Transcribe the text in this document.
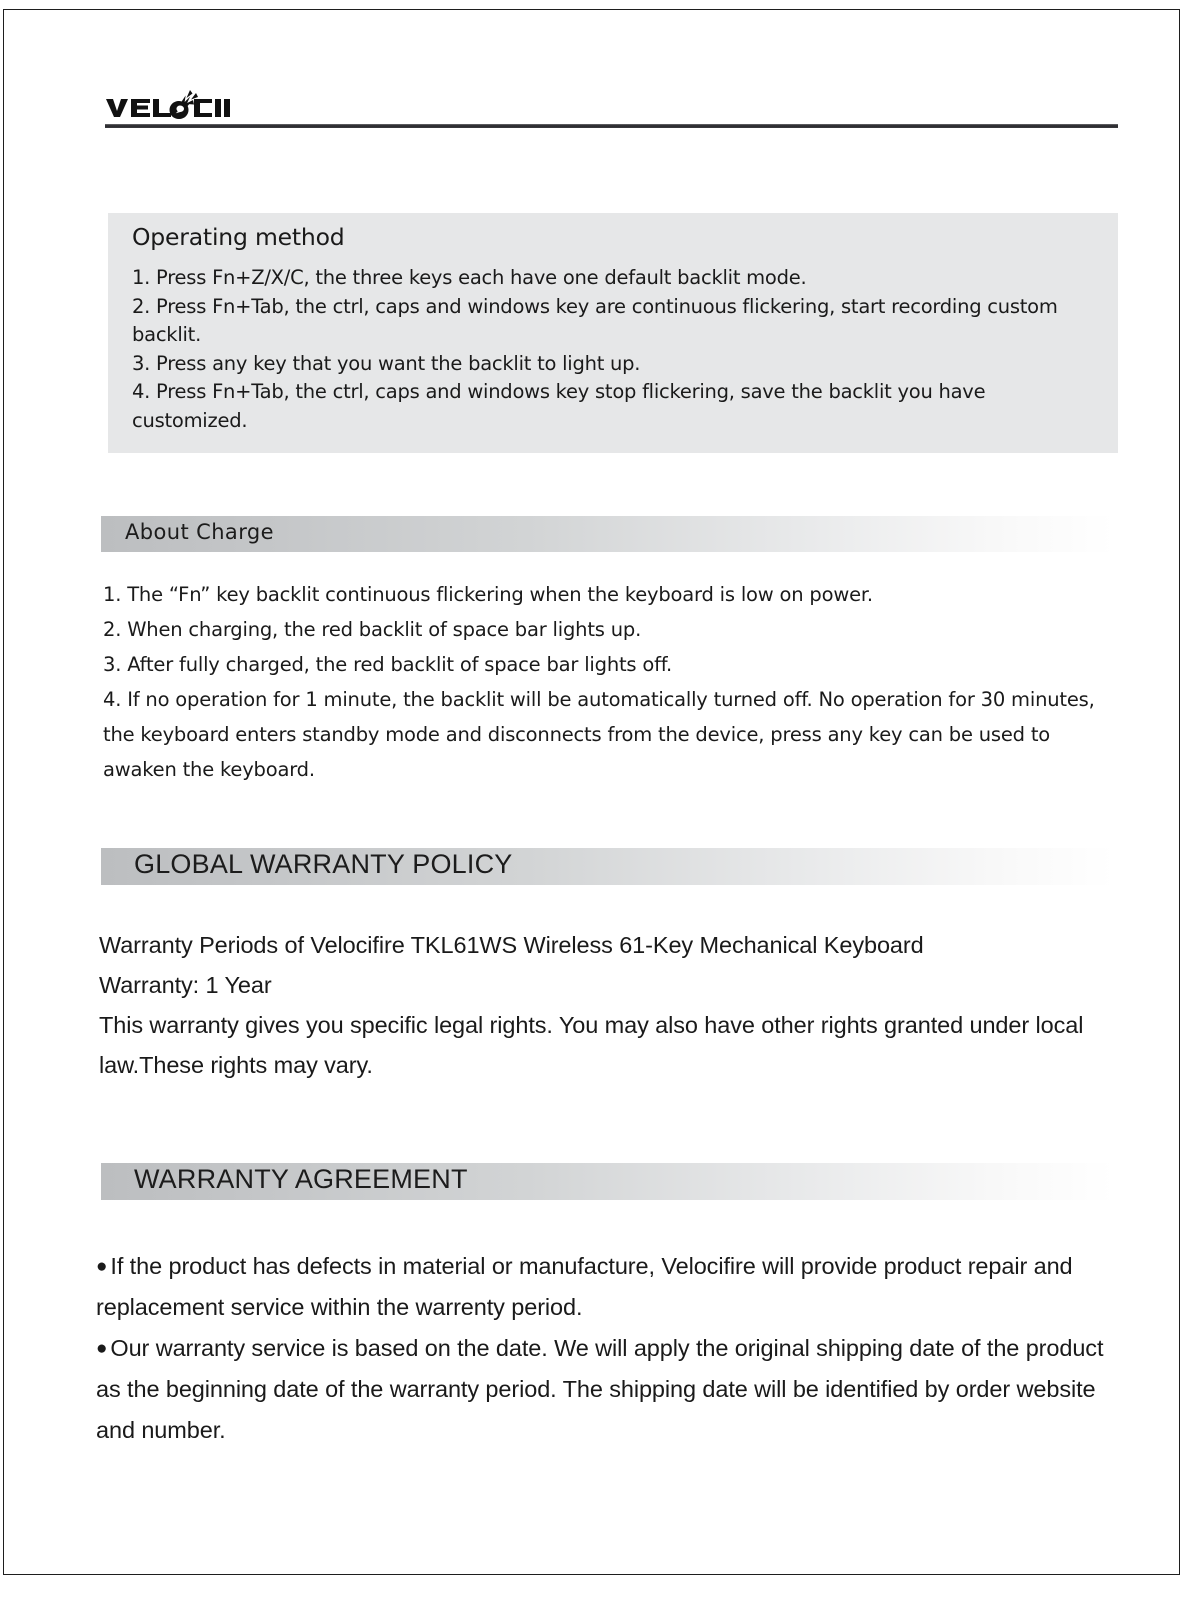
Operating method

1. Press Fn+Z/X/C, the three keys each have one default backlit mode.

2. Press Fn+Tab, the ctrl, caps and windows key are continuous flickering, start recording custom backlit.

3. Press any key that you want the backlit to light up.

4. Press Fn+Tab, the ctrl, caps and windows key stop flickering, save the backlit you have customized.

About Charge

1. The “Fn” key backlit continuous flickering when the keyboard is low on power.

2. When charging, the red backlit of space bar lights up.

3. After fully charged, the red backlit of space bar lights off.

4. If no operation for 1 minute, the backlit will be automatically turned off. No operation for 30 minutes, the keyboard enters standby mode and disconnects from the device, press any key can be used to awaken the keyboard.

GLOBAL WARRANTY POLICY

Warranty Periods of Velocifire TKL61WS Wireless 61-Key Mechanical Keyboard

Warranty: 1 Year

This warranty gives you specific legal rights. You may also have other rights granted under local law.These rights may vary.

WARRANTY AGREEMENT

● If the product has defects in material or manufacture, Velocifire will provide product repair and replacement service within the warrenty period.

● Our warranty service is based on the date. We will apply the original shipping date of the product as the beginning date of the warranty period. The shipping date will be identified by order website and number.
